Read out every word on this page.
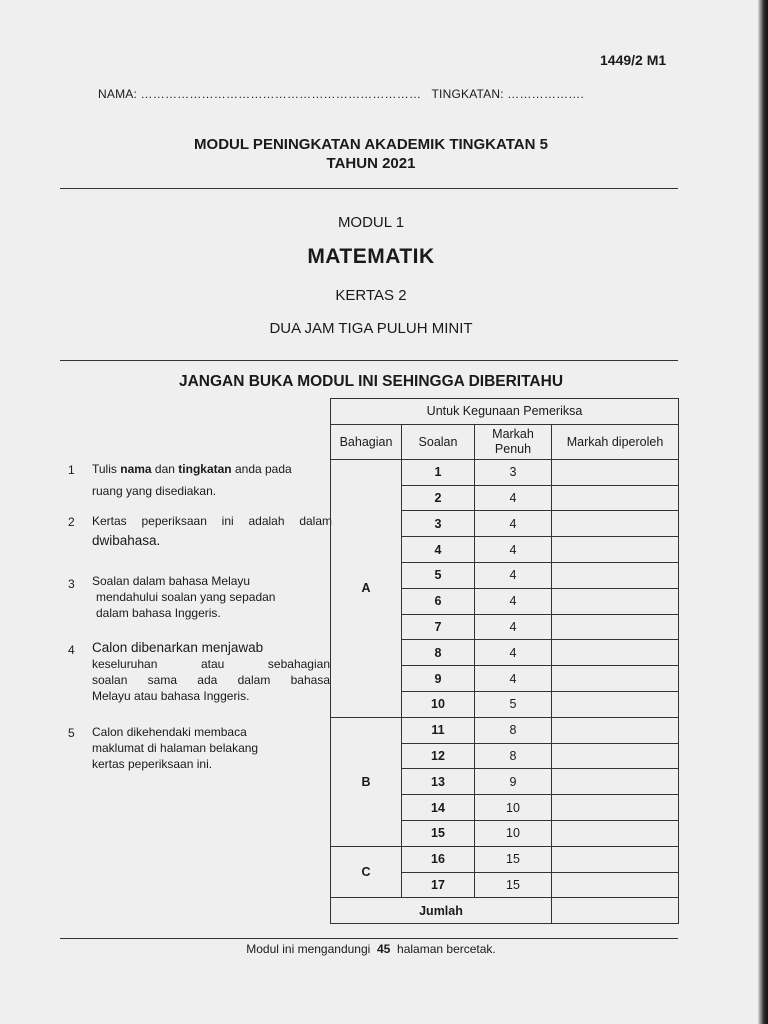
1449/2 M1
NAMA: ……………………………………………………………   TINGKATAN: ……………….
MODUL PENINGKATAN AKADEMIK TINGKATAN 5
TAHUN 2021
MODUL 1
MATEMATIK
KERTAS 2
DUA JAM TIGA PULUH MINIT
JANGAN BUKA MODUL INI SEHINGGA DIBERITAHU
1 Tulis nama dan tingkatan anda pada
ruang yang disediakan.
2 Kertas peperiksaan ini adalah dalam
dwibahasa.
3 Soalan dalam bahasa Melayu
mendahului soalan yang sepadan
dalam bahasa Inggeris.
4 Calon dibenarkan menjawab
keseluruhan atau sebahagian
soalan sama ada dalam bahasa
Melayu atau bahasa Inggeris.
5 Calon dikehendaki membaca
maklumat di halaman belakang
kertas peperiksaan ini.
Untuk Kegunaan Pemeriksa			
Bahagian	Soalan	Markah
Penuh	Markah diperoleh
A	1	3	
	2	4	
	3	4	
	4	4	
	5	4	
	6	4	
	7	4	
	8	4	
	9	4	
	10	5	
B	11	8	
	12	8	
	13	9	
	14	10	
	15	10	
C	16	15	
	17	15	
Jumlah			
Modul ini mengandungi 45 halaman bercetak.
